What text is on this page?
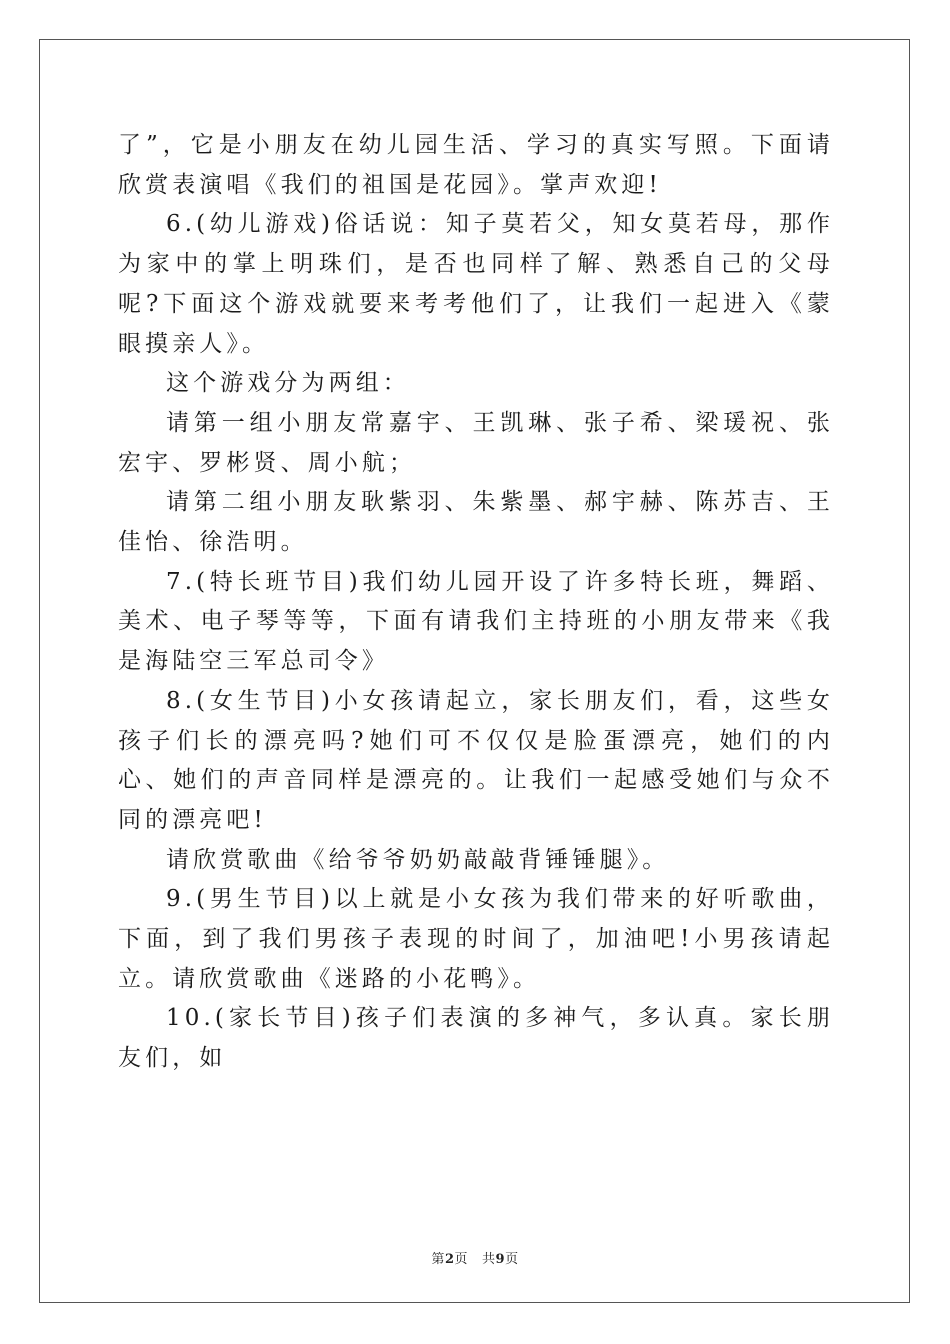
了”，它是小朋友在幼儿园生活、学习的真实写照。下面请欣赏表演唱《我们的祖国是花园》。掌声欢迎!

6.(幼儿游戏)俗话说：知子莫若父，知女莫若母，那作为家中的掌上明珠们，是否也同样了解、熟悉自己的父母呢?下面这个游戏就要来考考他们了，让我们一起进入《蒙眼摸亲人》。

这个游戏分为两组：

请第一组小朋友常嘉宇、王凯琳、张子希、梁瑗祝、张宏宇、罗彬贤、周小航；

请第二组小朋友耿紫羽、朱紫墨、郝宇赫、陈苏吉、王佳怡、徐浩明。

7.(特长班节目)我们幼儿园开设了许多特长班，舞蹈、美术、电子琴等等，下面有请我们主持班的小朋友带来《我是海陆空三军总司令》

8.(女生节目)小女孩请起立，家长朋友们，看，这些女孩子们长的漂亮吗?她们可不仅仅是脸蛋漂亮，她们的内心、她们的声音同样是漂亮的。让我们一起感受她们与众不同的漂亮吧!

请欣赏歌曲《给爷爷奶奶敲敲背锤锤腿》。

9.(男生节目)以上就是小女孩为我们带来的好听歌曲，下面，到了我们男孩子表现的时间了，加油吧!小男孩请起立。请欣赏歌曲《迷路的小花鸭》。

10.(家长节目)孩子们表演的多神气，多认真。家长朋友们，如

第2页 共9页
